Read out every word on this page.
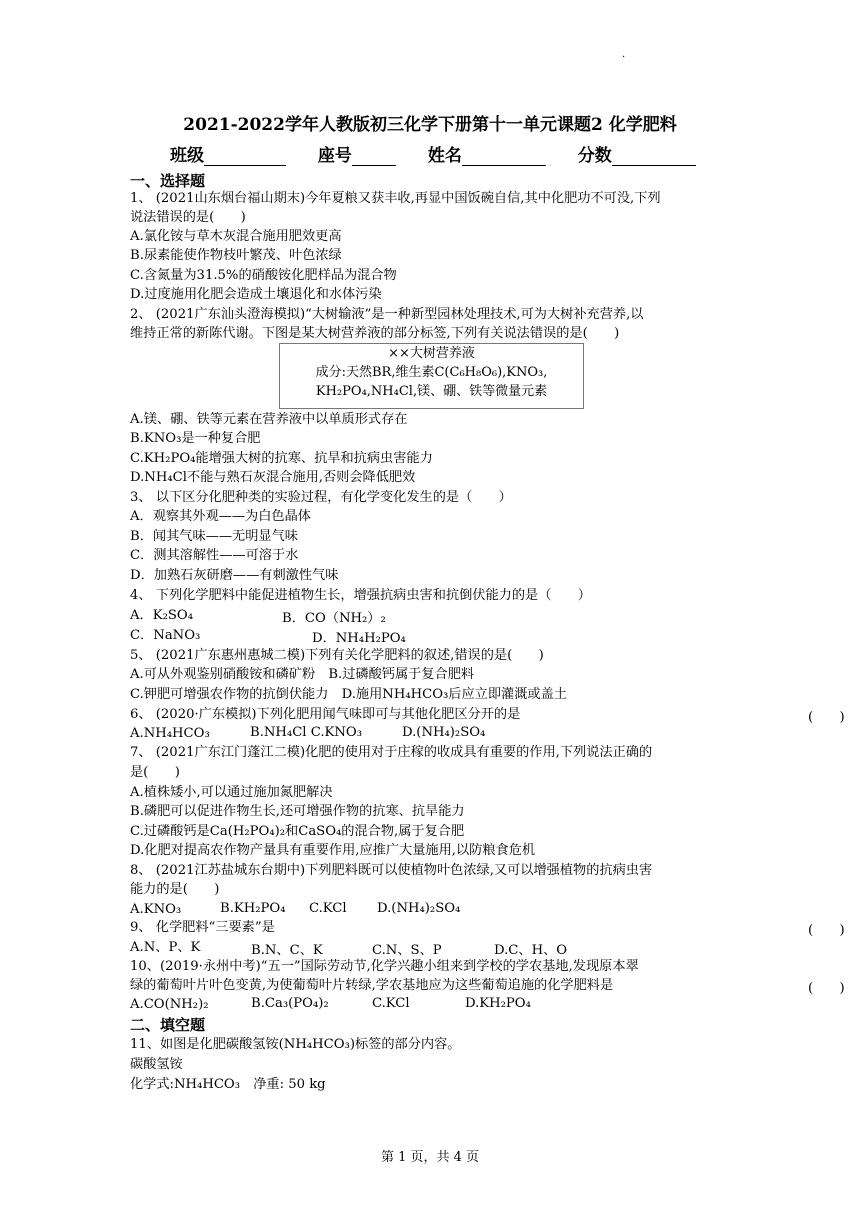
·
2021-2022学年人教版初三化学下册第十一单元课题2 化学肥料
班级	座号	姓名	分数
一、选择题
1、 (2021山东烟台福山期末)今年夏粮又获丰收,再显中国饭碗自信,其中化肥功不可没,下列
说法错误的是(　　)
A.氯化铵与草木灰混合施用肥效更高
B.尿素能使作物枝叶繁茂、叶色浓绿
C.含氮量为31.5%的硝酸铵化肥样品为混合物
D.过度施用化肥会造成土壤退化和水体污染
2、 (2021广东汕头澄海模拟)“大树输液”是一种新型园林处理技术,可为大树补充营养,以
维持正常的新陈代谢。下图是某大树营养液的部分标签,下列有关说法错误的是(　　)
××大树营养液
成分:天然BR,维生素C(C₆H₈O₆),KNO₃,
KH₂PO₄,NH₄Cl,镁、硼、铁等微量元素
A.镁、硼、铁等元素在营养液中以单质形式存在
B.KNO₃是一种复合肥
C.KH₂PO₄能增强大树的抗寒、抗旱和抗病虫害能力
D.NH₄Cl不能与熟石灰混合施用,否则会降低肥效
3、 以下区分化肥种类的实验过程，有化学变化发生的是（　　）
A．观察其外观——为白色晶体
B．闻其气味——无明显气味
C．测其溶解性——可溶于水
D．加熟石灰研磨——有刺激性气味
4、 下列化学肥料中能促进植物生长，增强抗病虫害和抗倒伏能力的是（　　）
A．K₂SO₄	B．CO（NH₂）₂
C．NaNO₃	D．NH₄H₂PO₄
5、 (2021广东惠州惠城二模)下列有关化学肥料的叙述,错误的是(　　)
A.可从外观鉴别硝酸铵和磷矿粉　B.过磷酸钙属于复合肥料
C.钾肥可增强农作物的抗倒伏能力　D.施用NH₄HCO₃后应立即灌溉或盖土
6、 (2020·广东模拟)下列化肥用闻气味即可与其他化肥区分开的是	(　　)
A.NH₄HCO₃	B.NH₄Cl C.KNO₃	D.(NH₄)₂SO₄
7、 (2021广东江门蓬江二模)化肥的使用对于庄稼的收成具有重要的作用,下列说法正确的
是(　　)
A.植株矮小,可以通过施加氮肥解决
B.磷肥可以促进作物生长,还可增强作物的抗寒、抗旱能力
C.过磷酸钙是Ca(H₂PO₄)₂和CaSO₄的混合物,属于复合肥
D.化肥对提高农作物产量具有重要作用,应推广大量施用,以防粮食危机
8、 (2021江苏盐城东台期中)下列肥料既可以使植物叶色浓绿,又可以增强植物的抗病虫害
能力的是(　　)
A.KNO₃	B.KH₂PO₄ C.KCl D.(NH₄)₂SO₄
9、 化学肥料“三要素”是	(　　)
A.N、P、K	B.N、C、K	C.N、S、P	D.C、H、O
10、(2019·永州中考)“五一”国际劳动节,化学兴趣小组来到学校的学农基地,发现原本翠
绿的葡萄叶片叶色变黄,为使葡萄叶片转绿,学农基地应为这些葡萄追施的化学肥料是	(　　)
A.CO(NH₂)₂	B.Ca₃(PO₄)₂	C.KCl	D.KH₂PO₄
二、填空题
11、如图是化肥碳酸氢铵(NH₄HCO₃)标签的部分内容。
碳酸氢铵
化学式:NH₄HCO₃　净重: 50 kg
第 1 页，共 4 页
